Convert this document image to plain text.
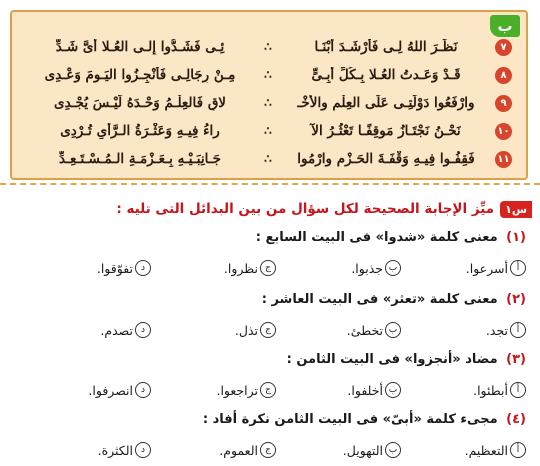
ب
٧
نَظَـرَ اللهُ لِـى فَأَرْشَـدَ أَبْنَـا
∴
ئِـى فَشَـدُّوا إِلـى العُـلا أَىَّ شَـدِّ
٨
قَـدْ وَعَـدتُ العُـلا بِـكُلِّ أَبِـىٍّ
∴
مِـنْ رِجَالِـى فَأَنْجِـزُوا اليَـومَ وَعْـدِى
٩
وارْفَعُوا دَوْلَتِـى عَلَى العِلْمِ والأَخْـ
∴
لاقِ فَالعِلْـمُ وَحْـدَهُ لَيْـسَ يُجْـدِى
١٠
نَحْـنُ نَجْتَـازُ مَوقِفًـا تَعْثُـرُ الآ
∴
راءُ فِيـهِ وَعَثْـرَةُ الـرَّأىِ تُـرْدِى
١١
فَقِفُـوا فِيـهِ وَقْفَـةَ الحَـزْمِ وارْمُوا
∴
جَـانِبَـيْـهِ بِـعَـزْمَـةِ الـمُـسْـتَـعِـدِّ
س١
ميِّز الإجابة الصحيحة لكل سؤال من بين البدائل التى تليه :
(١) معنى كلمة «شدوا» فى البيت السابع :
أ
أسرعوا.
ب
جذبوا.
ج
نظروا.
د
تفوّقوا.
(٢) معنى كلمة «تعثر» فى البيت العاشر :
أ
تجد.
ب
تخطئ.
ج
تذل.
د
تصدم.
(٣) مضاد «أنجزوا» فى البيت الثامن :
أ
أبطئوا.
ب
أخلفوا.
ج
تراجعوا.
د
انصرفوا.
(٤) مجىء كلمة «أبىّ» فى البيت الثامن نكرة أفاد :
أ
التعظيم.
ب
التهويل.
ج
العموم.
د
الكثرة.
